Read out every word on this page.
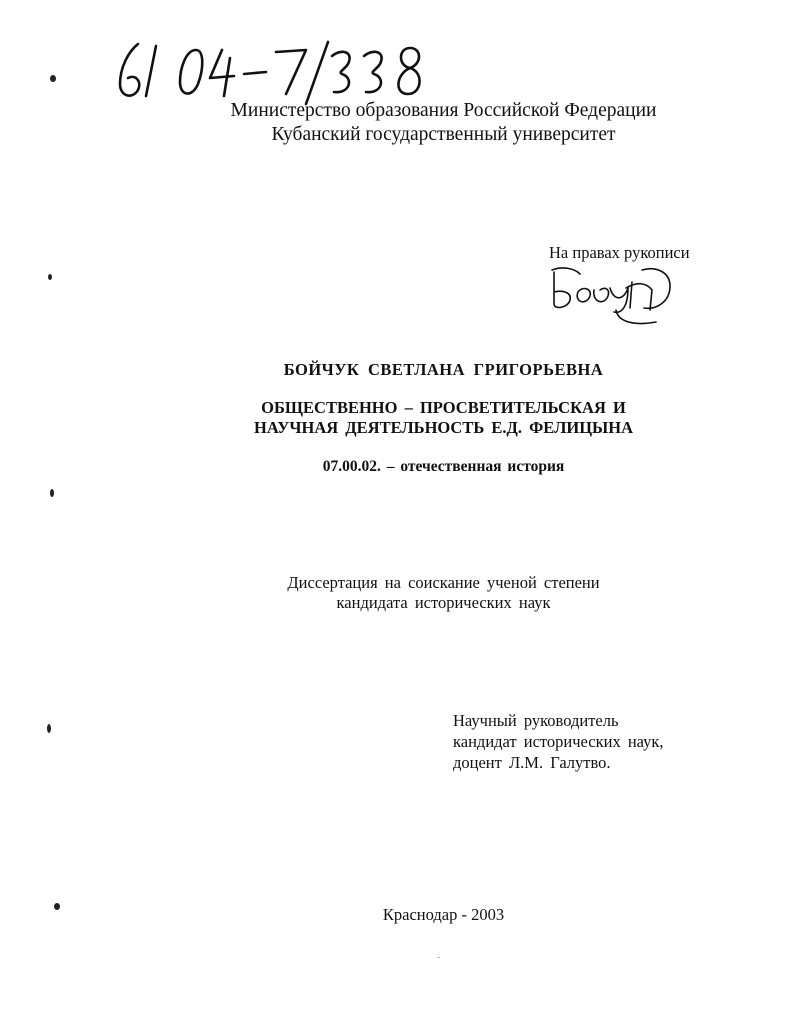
Министерство образования Российской Федерации
Кубанский государственный университет
На правах рукописи
БОЙЧУК СВЕТЛАНА ГРИГОРЬЕВНА
ОБЩЕСТВЕННО – ПРОСВЕТИТЕЛЬСКАЯ И
НАУЧНАЯ ДЕЯТЕЛЬНОСТЬ Е.Д. ФЕЛИЦЫНА
07.00.02. – отечественная история
Диссертация на соискание ученой степени
кандидата исторических наук
Научный руководитель
кандидат исторических наук,
доцент Л.М. Галутво.
Краснодар - 2003
